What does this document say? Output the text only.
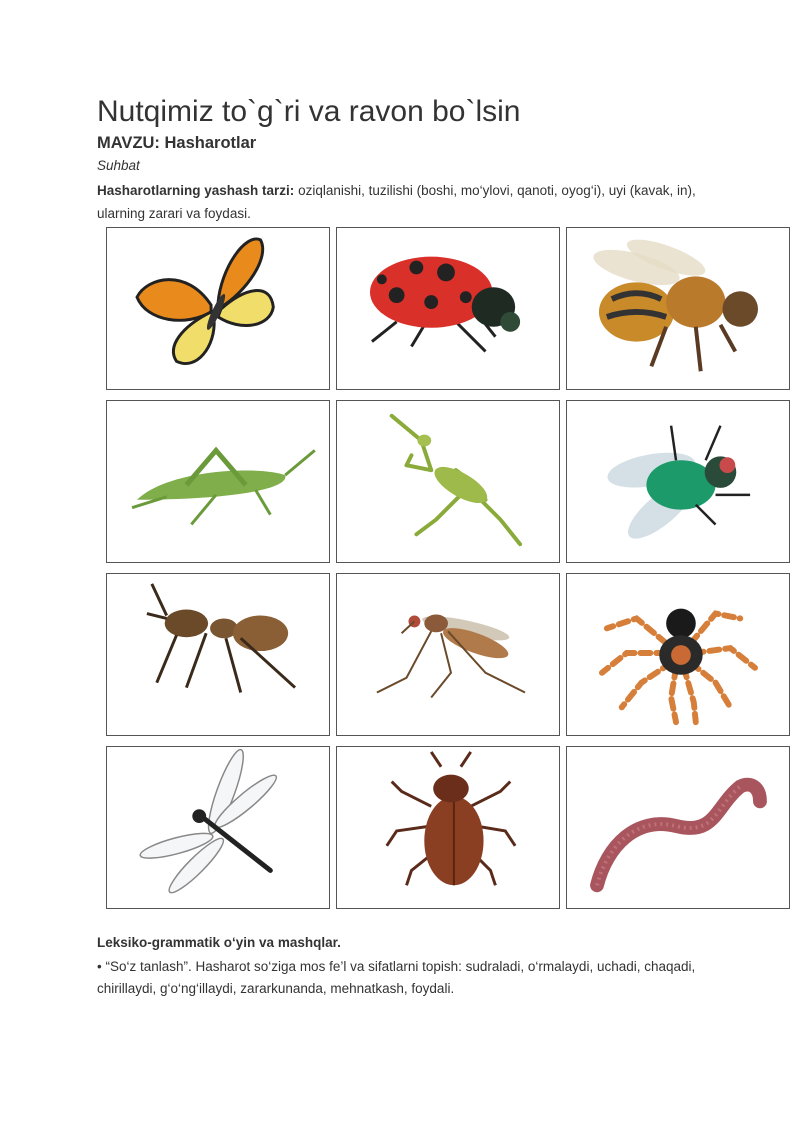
Nutqimiz to`g`ri va ravon bo`lsin
MAVZU: Hasharotlar
Suhbat

Hasharotlarning yashash tarzi: oziqlanishi, tuzilishi (boshi, mo‘ylovi, qanoti, oyog‘i), uyi (kavak, in), ularning zarari va foydasi.

Leksiko-grammatik o‘yin va mashqlar.

• “So‘z tanlash”. Hasharot so‘ziga mos fe’l va sifatlarni topish: sudraladi, o‘rmalaydi, uchadi, chaqadi, chirillaydi, g‘o‘ng‘illaydi, zararkunanda, mehnatkash, foydali.
